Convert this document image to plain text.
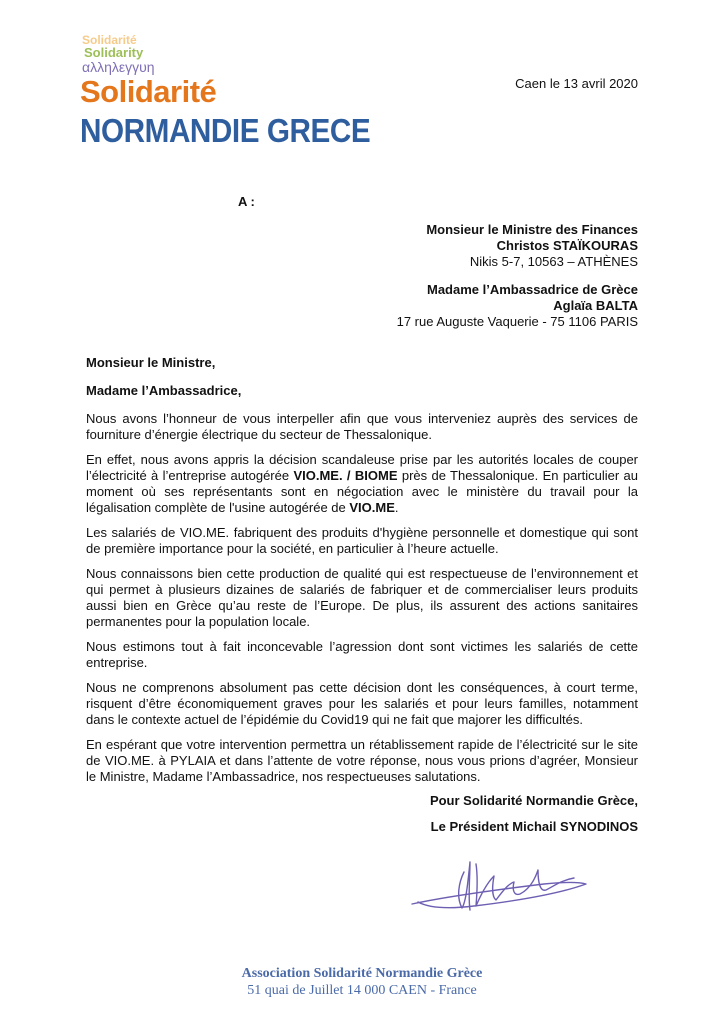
Solidarité
Solidarity
αλληλεγγυη
Solidarité
NORMANDIE GRECE
Caen le 13 avril 2020
A :
Monsieur le Ministre des Finances
Christos STAÏKOURAS
Nikis 5-7, 10563 – ATHÈNES
Madame l’Ambassadrice de Grèce
Aglaïa BALTA
17 rue Auguste Vaquerie - 75 1106 PARIS

Monsieur le Ministre,

Madame l’Ambassadrice,

Nous avons l’honneur de vous interpeller afin que vous interveniez auprès des services de fourniture d’énergie électrique du secteur de Thessalonique.

En effet, nous avons appris la décision scandaleuse prise par les autorités locales de couper l’électricité à l’entreprise autogérée VIO.ME. / BIOME près de Thessalonique. En particulier au moment où ses représentants sont en négociation avec le ministère du travail pour la légalisation complète de l'usine autogérée de VIO.ME.

Les salariés de VIO.ME. fabriquent des produits d'hygiène personnelle et domestique qui sont de première importance pour la société, en particulier à l’heure actuelle.

Nous connaissons bien cette production de qualité qui est respectueuse de l’environnement et qui permet à plusieurs dizaines de salariés de fabriquer et de commercialiser leurs produits aussi bien en Grèce qu’au reste de l’Europe. De plus, ils assurent des actions sanitaires permanentes pour la population locale.

Nous estimons tout à fait inconcevable l’agression dont sont victimes les salariés de cette entreprise.

Nous ne comprenons absolument pas cette décision dont les conséquences, à court terme, risquent d’être économiquement graves pour les salariés et pour leurs familles, notamment dans le contexte actuel de l’épidémie du Covid19 qui ne fait que majorer les difficultés.

En espérant que votre intervention permettra un rétablissement rapide de l’électricité sur le site de VIO.ME. à PYLAIA et dans l’attente de votre réponse, nous vous prions d’agréer, Monsieur le Ministre, Madame l’Ambassadrice, nos respectueuses salutations.

Pour Solidarité Normandie Grèce,
Le Président Michail SYNODINOS
Association Solidarité Normandie Grèce
51 quai de Juillet 14 000 CAEN - France
